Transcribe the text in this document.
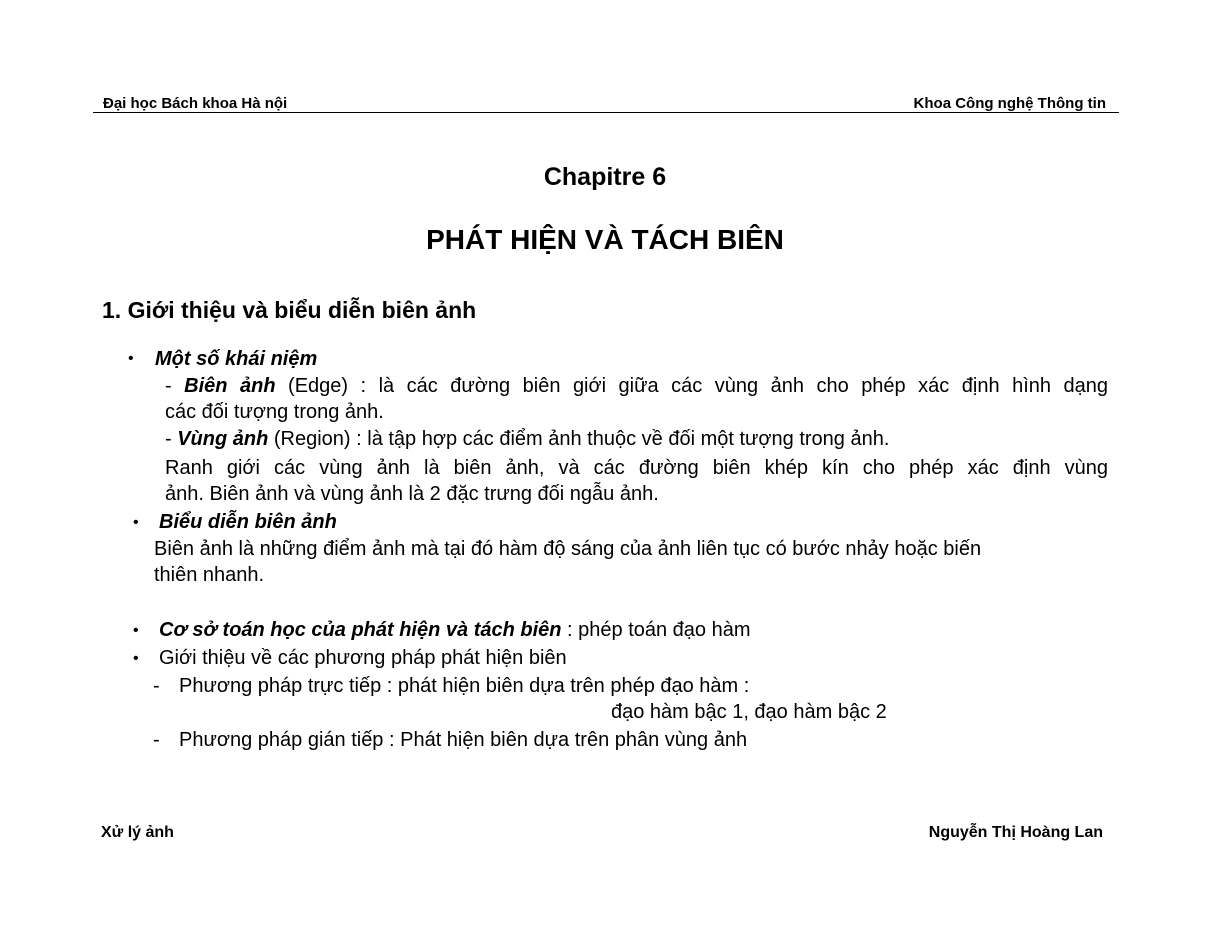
Đại học Bách khoa Hà nội	Khoa Công nghệ Thông tin
Chapitre 6
PHÁT HIỆN VÀ TÁCH BIÊN
1. Giới thiệu và biểu diễn biên ảnh
• Một số khái niệm
- Biên ảnh (Edge) : là các đường biên giới giữa các vùng ảnh cho phép xác định hình dạng
các đối tượng trong ảnh.
- Vùng ảnh (Region) : là tập hợp các điểm ảnh thuộc về đối một tượng trong ảnh.
Ranh giới các vùng ảnh là biên ảnh, và các đường biên khép kín cho phép xác định vùng
ảnh. Biên ảnh và vùng ảnh là 2 đặc trưng đối ngẫu ảnh.
• Biểu diễn biên ảnh
Biên ảnh là những điểm ảnh mà tại đó hàm độ sáng của ảnh liên tục có bước nhảy hoặc biến
thiên nhanh.
• Cơ sở toán học của phát hiện và tách biên : phép toán đạo hàm
• Giới thiệu về các phương pháp phát hiện biên
- Phương pháp trực tiếp : phát hiện biên dựa trên phép đạo hàm :
đạo hàm bậc 1, đạo hàm bậc 2
- Phương pháp gián tiếp : Phát hiện biên dựa trên phân vùng ảnh
Xử lý ảnh	Nguyễn Thị Hoàng Lan
